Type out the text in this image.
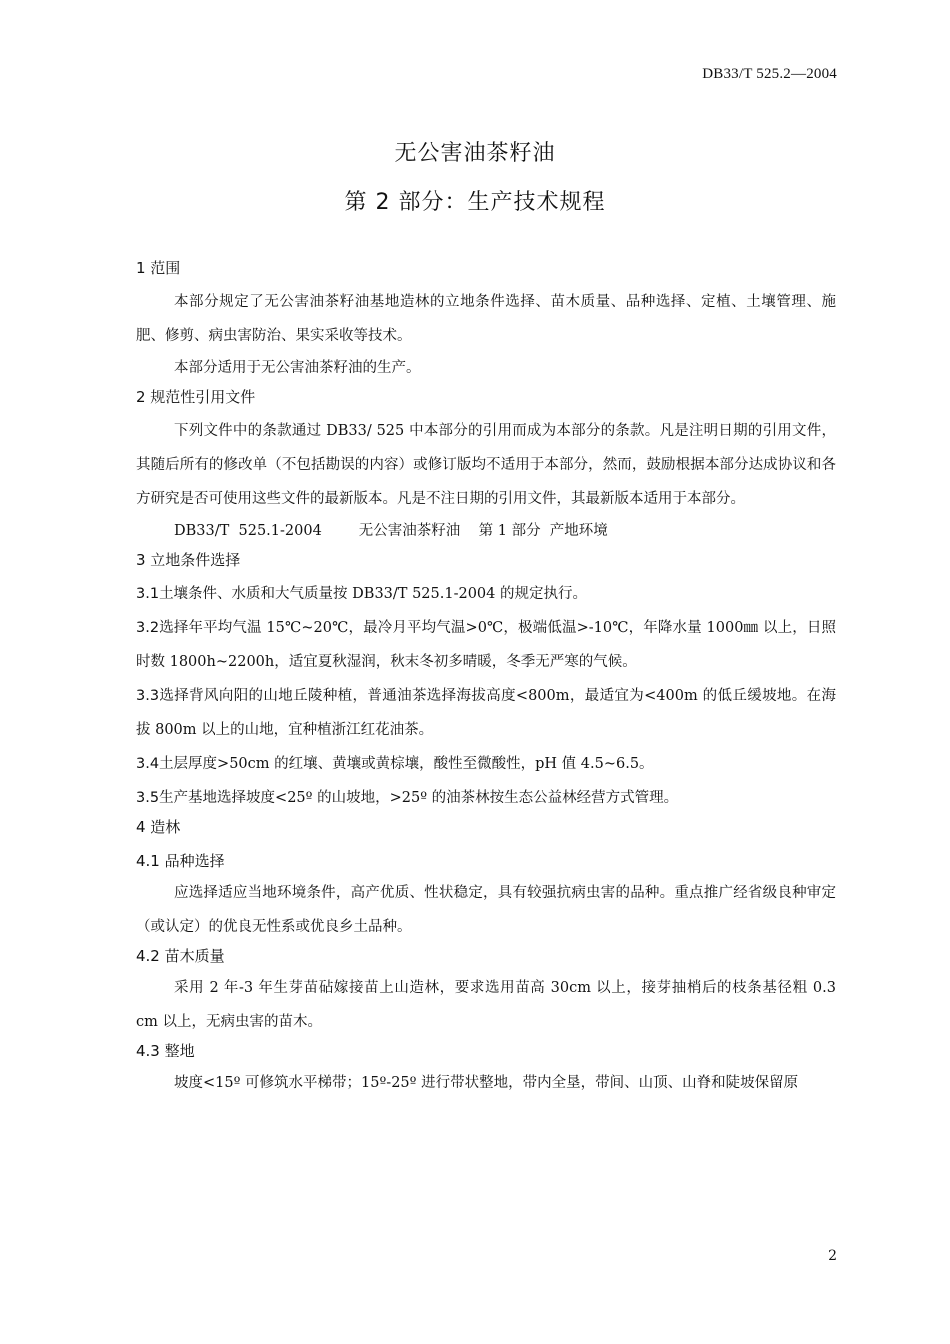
DB33/T 525.2—2004
无公害油茶籽油
第 2 部分：生产技术规程

1 范围

本部分规定了无公害油茶籽油基地造林的立地条件选择、苗木质量、品种选择、定植、土壤管理、施肥、修剪、病虫害防治、果实采收等技术。

本部分适用于无公害油茶籽油的生产。

2 规范性引用文件

下列文件中的条款通过 DB33/ 525 中本部分的引用而成为本部分的条款。凡是注明日期的引用文件，其随后所有的修改单（不包括勘误的内容）或修订版均不适用于本部分，然而，鼓励根据本部分达成协议和各方研究是否可使用这些文件的最新版本。凡是不注日期的引用文件，其最新版本适用于本部分。

DB33/T  525.1-2004	无公害油茶籽油    第 1 部分  产地环境

3 立地条件选择

3.1土壤条件、水质和大气质量按 DB33/T 525.1-2004 的规定执行。

3.2选择年平均气温 15℃~20℃，最冷月平均气温>0℃，极端低温>-10℃，年降水量 1000㎜ 以上，日照时数 1800h~2200h，适宜夏秋湿润，秋末冬初多晴暖，冬季无严寒的气候。

3.3选择背风向阳的山地丘陵种植，普通油茶选择海拔高度<800m，最适宜为<400m 的低丘缓坡地。在海拔 800m 以上的山地，宜种植浙江红花油茶。

3.4土层厚度>50cm 的红壤、黄壤或黄棕壤，酸性至微酸性，pH 值 4.5~6.5。

3.5生产基地选择坡度<25º 的山坡地，>25º 的油茶林按生态公益林经营方式管理。

4 造林

4.1 品种选择

应选择适应当地环境条件，高产优质、性状稳定，具有较强抗病虫害的品种。重点推广经省级良种审定（或认定）的优良无性系或优良乡土品种。

4.2 苗木质量

采用 2 年-3 年生芽苗砧嫁接苗上山造林，要求选用苗高 30cm 以上，接芽抽梢后的枝条基径粗 0.3 cm 以上，无病虫害的苗木。

4.3 整地

坡度<15º 可修筑水平梯带；15º-25º 进行带状整地，带内全垦，带间、山顶、山脊和陡坡保留原

2
